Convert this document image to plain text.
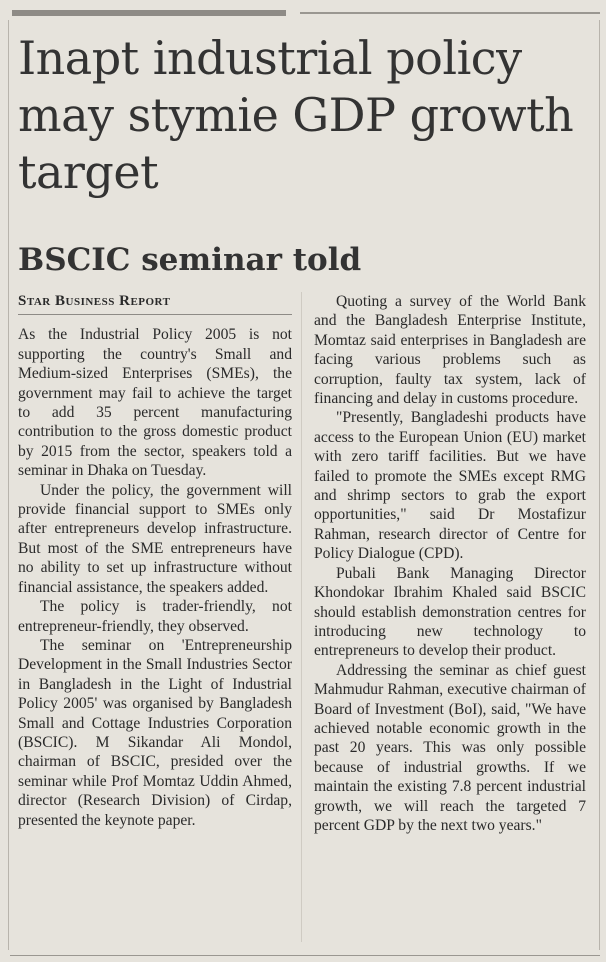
Inapt industrial policy may stymie GDP growth target
BSCIC seminar told
Star Business Report

As the Industrial Policy 2005 is not supporting the country's Small and Medium-sized Enterprises (SMEs), the government may fail to achieve the target to add 35 percent manufacturing contribution to the gross domestic product by 2015 from the sector, speakers told a seminar in Dhaka on Tuesday.

Under the policy, the government will provide financial support to SMEs only after entrepreneurs develop infrastructure. But most of the SME entrepreneurs have no ability to set up infrastructure without financial assistance, the speakers added.

The policy is trader-friendly, not entrepreneur-friendly, they observed.

The seminar on 'Entrepreneurship Development in the Small Industries Sector in Bangladesh in the Light of Industrial Policy 2005' was organised by Bangladesh Small and Cottage Industries Corporation (BSCIC). M Sikandar Ali Mondol, chairman of BSCIC, presided over the seminar while Prof Momtaz Uddin Ahmed, director (Research Division) of Cirdap, presented the keynote paper.

Quoting a survey of the World Bank and the Bangladesh Enterprise Institute, Momtaz said enterprises in Bangladesh are facing various problems such as corruption, faulty tax system, lack of financing and delay in customs procedure.

"Presently, Bangladeshi products have access to the European Union (EU) market with zero tariff facilities. But we have failed to promote the SMEs except RMG and shrimp sectors to grab the export opportunities," said Dr Mostafizur Rahman, research director of Centre for Policy Dialogue (CPD).

Pubali Bank Managing Director Khondokar Ibrahim Khaled said BSCIC should establish demonstration centres for introducing new technology to entrepreneurs to develop their product.

Addressing the seminar as chief guest Mahmudur Rahman, executive chairman of Board of Investment (BoI), said, "We have achieved notable economic growth in the past 20 years. This was only possible because of industrial growths. If we maintain the existing 7.8 percent industrial growth, we will reach the targeted 7 percent GDP by the next two years."
